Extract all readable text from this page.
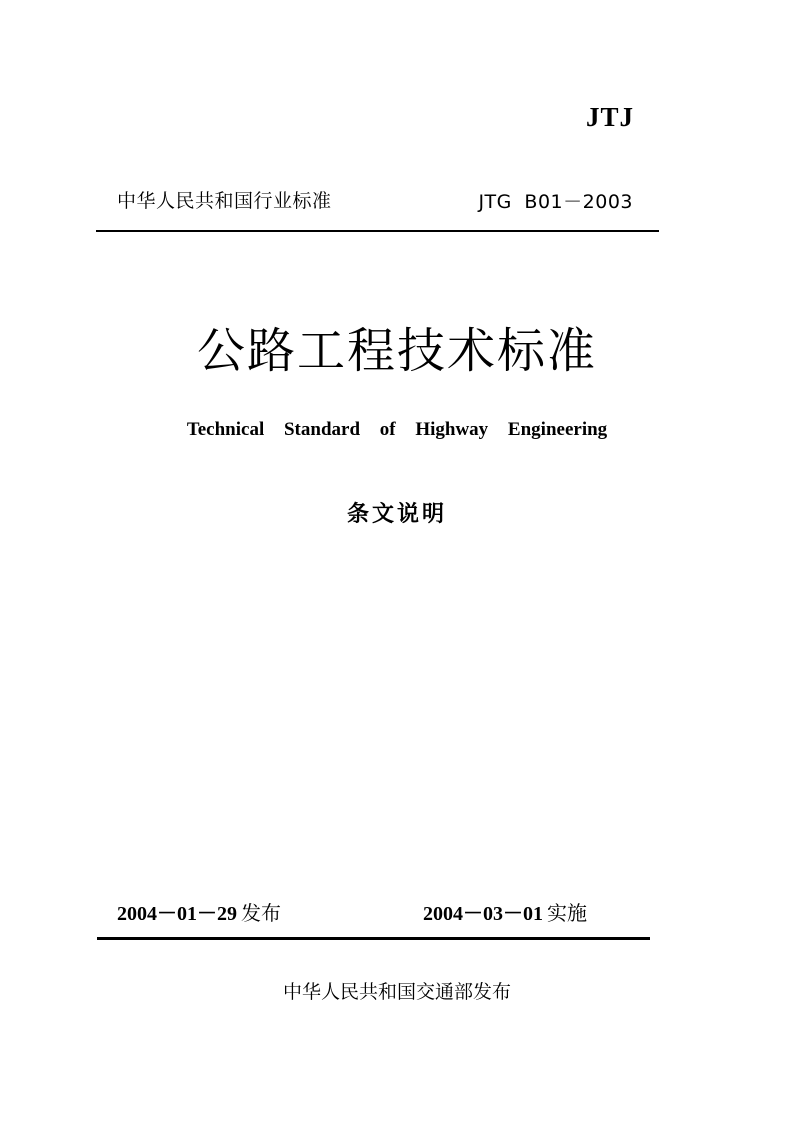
JTJ
中华人民共和国行业标准	JTG B01－2003
公路工程技术标准
Technical Standard of Highway Engineering
条文说明
2004－01－29 发布	2004－03－01 实施
中华人民共和国交通部发布
